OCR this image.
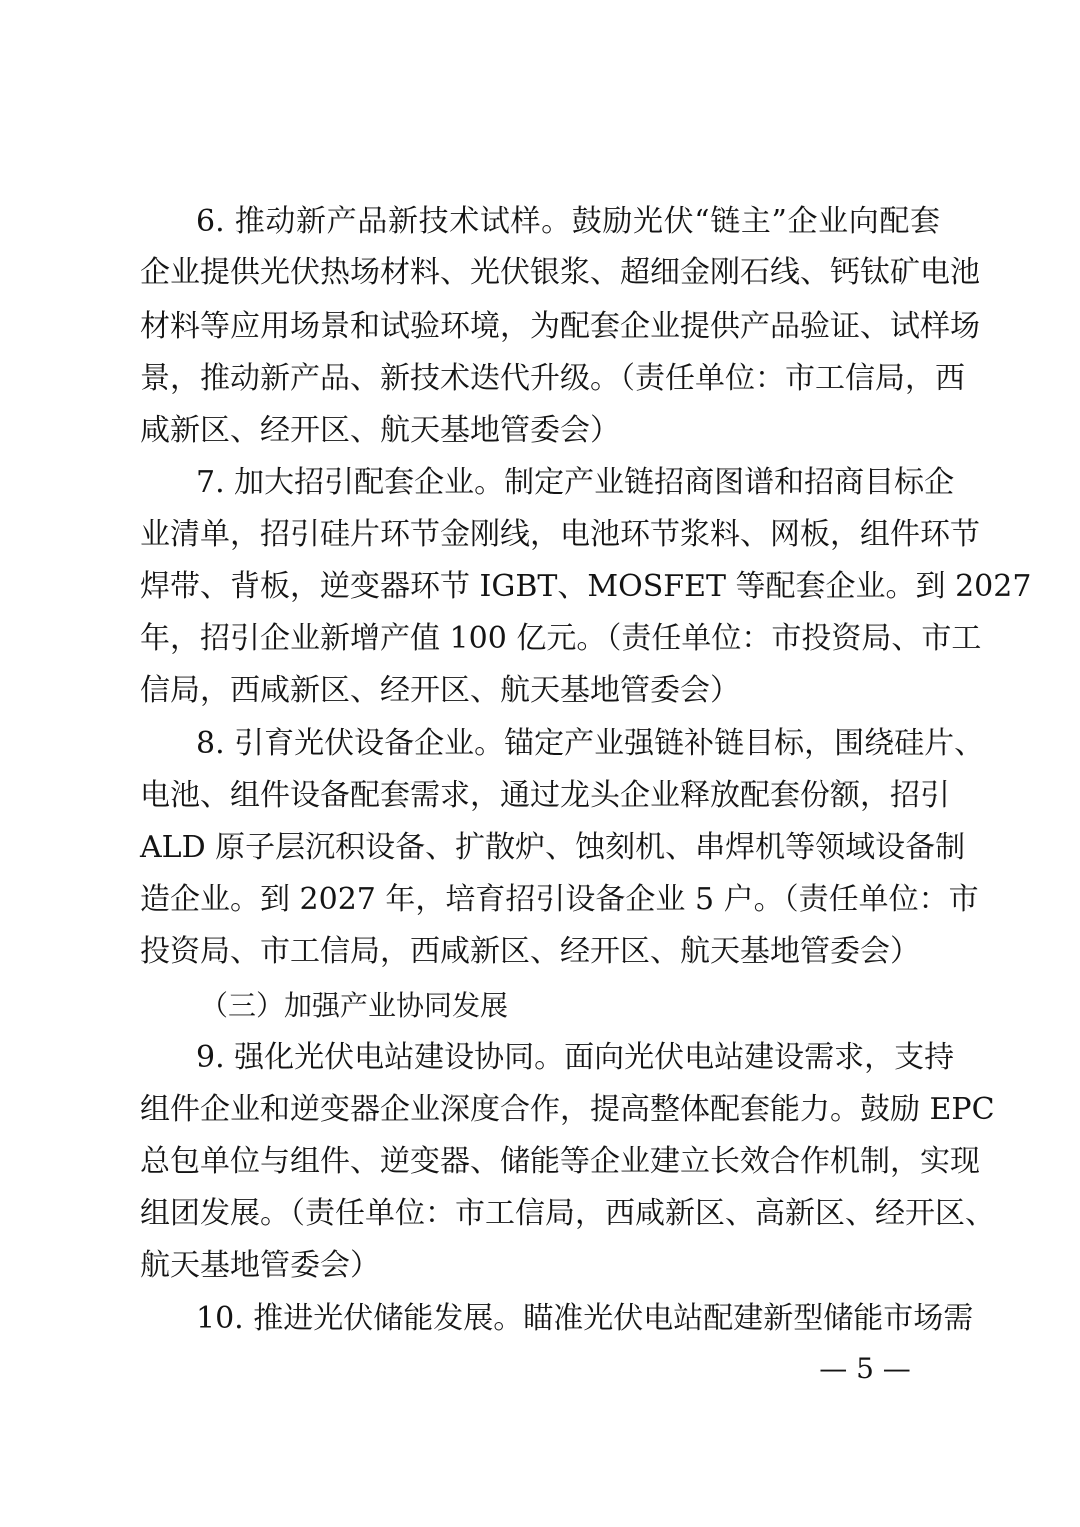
6. 推动新产品新技术试样。鼓励光伏“链主”企业向配套
企业提供光伏热场材料、光伏银浆、超细金刚石线、钙钛矿电池
材料等应用场景和试验环境，为配套企业提供产品验证、试样场
景，推动新产品、新技术迭代升级。（责任单位：市工信局，西
咸新区、经开区、航天基地管委会）
7. 加大招引配套企业。制定产业链招商图谱和招商目标企
业清单，招引硅片环节金刚线，电池环节浆料、网板，组件环节
焊带、背板，逆变器环节 IGBT、MOSFET 等配套企业。到 2027
年，招引企业新增产值 100 亿元。（责任单位：市投资局、市工
信局，西咸新区、经开区、航天基地管委会）
8. 引育光伏设备企业。锚定产业强链补链目标，围绕硅片、
电池、组件设备配套需求，通过龙头企业释放配套份额，招引
ALD 原子层沉积设备、扩散炉、蚀刻机、串焊机等领域设备制
造企业。到 2027 年，培育招引设备企业 5 户。（责任单位：市
投资局、市工信局，西咸新区、经开区、航天基地管委会）
（三）加强产业协同发展
9. 强化光伏电站建设协同。面向光伏电站建设需求，支持
组件企业和逆变器企业深度合作，提高整体配套能力。鼓励 EPC
总包单位与组件、逆变器、储能等企业建立长效合作机制，实现
组团发展。（责任单位：市工信局，西咸新区、高新区、经开区、
航天基地管委会）
10. 推进光伏储能发展。瞄准光伏电站配建新型储能市场需
— 5 —
